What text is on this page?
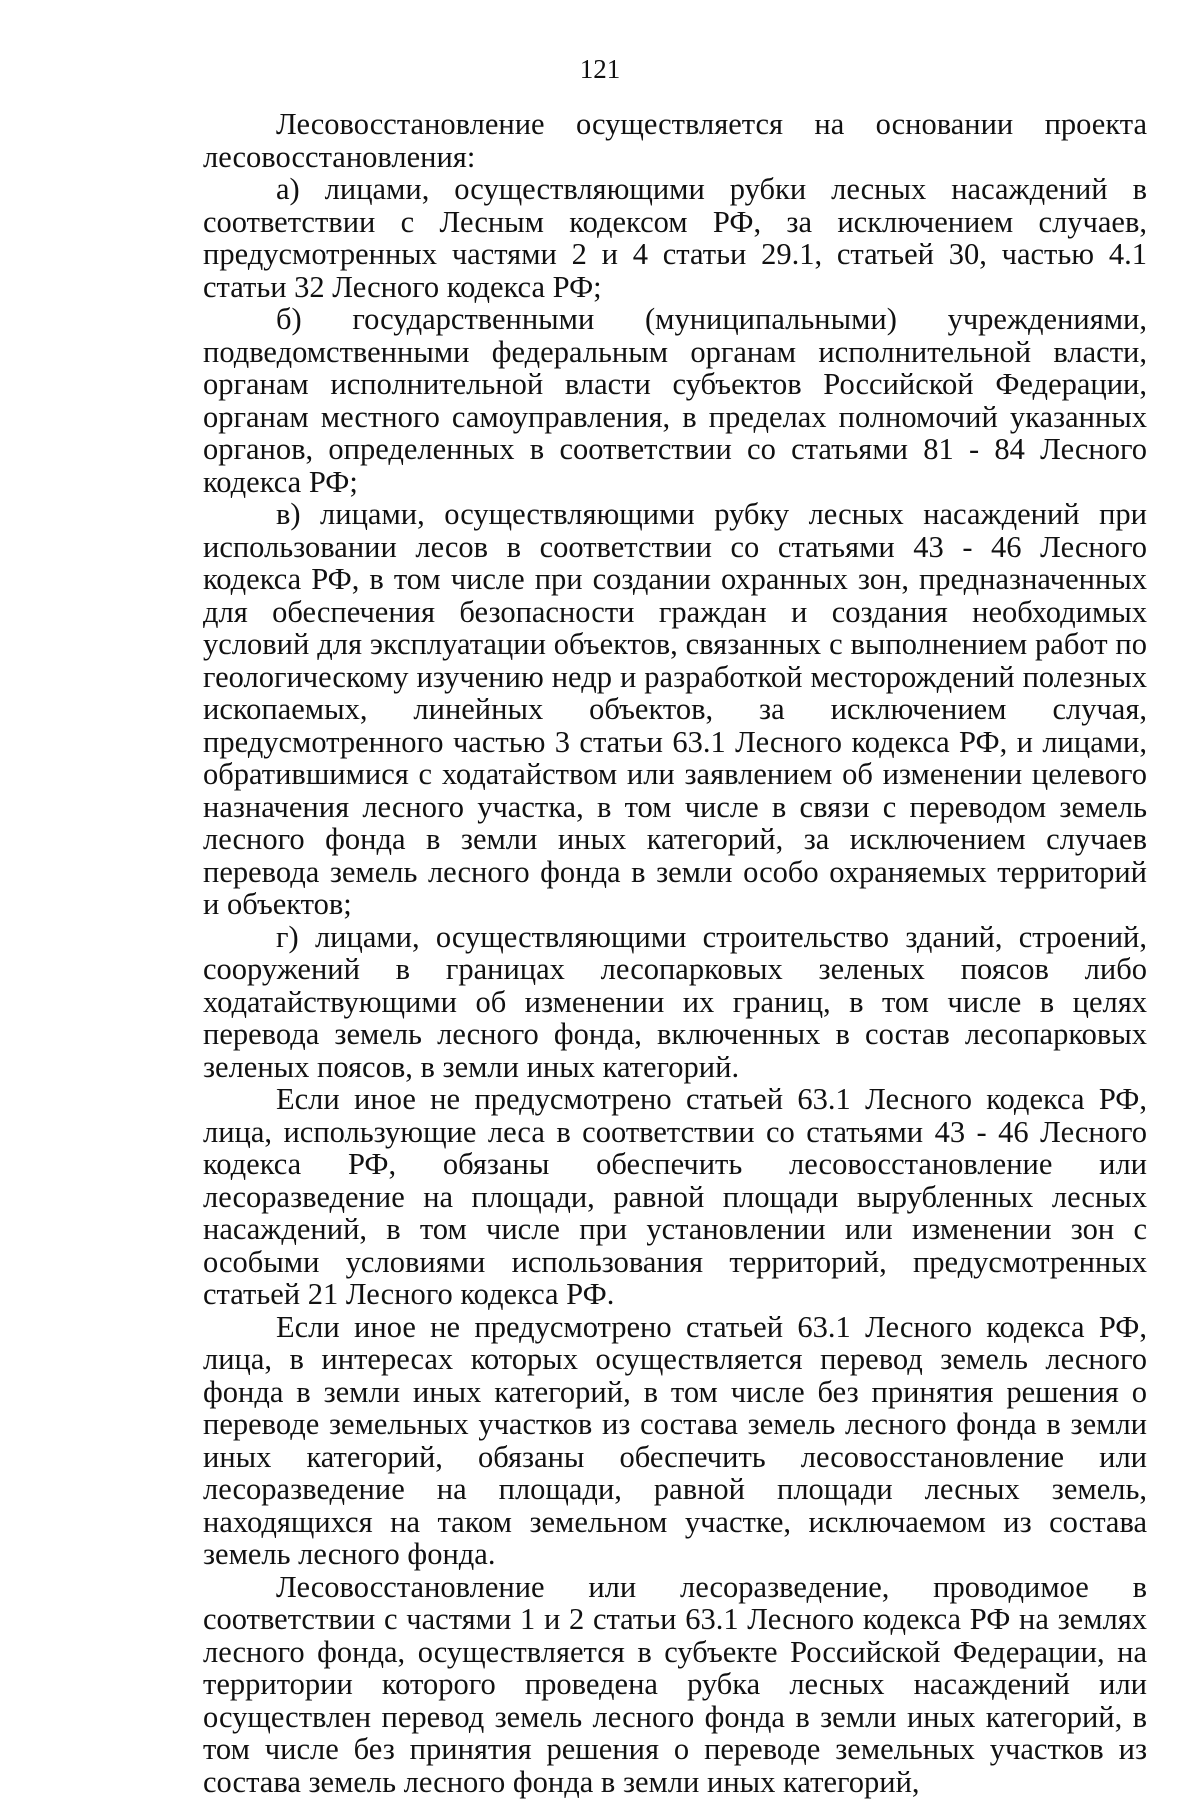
121

Лесовосстановление осуществляется на основании проекта лесовосстановления:

а) лицами, осуществляющими рубки лесных насаждений в соответствии с Лесным кодексом РФ, за исключением случаев, предусмотренных частями 2 и 4 статьи 29.1, статьей 30, частью 4.1 статьи 32 Лесного кодекса РФ;

б) государственными (муниципальными) учреждениями, подведомственными федеральным органам исполнительной власти, органам исполнительной власти субъектов Российской Федерации, органам местного самоуправления, в пределах полномочий указанных органов, определенных в соответствии со статьями 81 - 84 Лесного кодекса РФ;

в) лицами, осуществляющими рубку лесных насаждений при использовании лесов в соответствии со статьями 43 - 46 Лесного кодекса РФ, в том числе при создании охранных зон, предназначенных для обеспечения безопасности граждан и создания необходимых условий для эксплуатации объектов, связанных с выполнением работ по геологическому изучению недр и разработкой месторождений полезных ископаемых, линейных объектов, за исключением случая, предусмотренного частью 3 статьи 63.1 Лесного кодекса РФ, и лицами, обратившимися с ходатайством или заявлением об изменении целевого назначения лесного участка, в том числе в связи с переводом земель лесного фонда в земли иных категорий, за исключением случаев перевода земель лесного фонда в земли особо охраняемых территорий и объектов;

г) лицами, осуществляющими строительство зданий, строений, сооружений в границах лесопарковых зеленых поясов либо ходатайствующими об изменении их границ, в том числе в целях перевода земель лесного фонда, включенных в состав лесопарковых зеленых поясов, в земли иных категорий.

Если иное не предусмотрено статьей 63.1 Лесного кодекса РФ, лица, использующие леса в соответствии со статьями 43 - 46 Лесного кодекса РФ, обязаны обеспечить лесовосстановление или лесоразведение на площади, равной площади вырубленных лесных насаждений, в том числе при установлении или изменении зон с особыми условиями использования территорий, предусмотренных статьей 21 Лесного кодекса РФ.

Если иное не предусмотрено статьей 63.1 Лесного кодекса РФ, лица, в интересах которых осуществляется перевод земель лесного фонда в земли иных категорий, в том числе без принятия решения о переводе земельных участков из состава земель лесного фонда в земли иных категорий, обязаны обеспечить лесовосстановление или лесоразведение на площади, равной площади лесных земель, находящихся на таком земельном участке, исключаемом из состава земель лесного фонда.

Лесовосстановление или лесоразведение, проводимое в соответствии с частями 1 и 2 статьи 63.1 Лесного кодекса РФ на землях лесного фонда, осуществляется в субъекте Российской Федерации, на территории которого проведена рубка лесных насаждений или осуществлен перевод земель лесного фонда в земли иных категорий, в том числе без принятия решения о переводе земельных участков из состава земель лесного фонда в земли иных категорий,
